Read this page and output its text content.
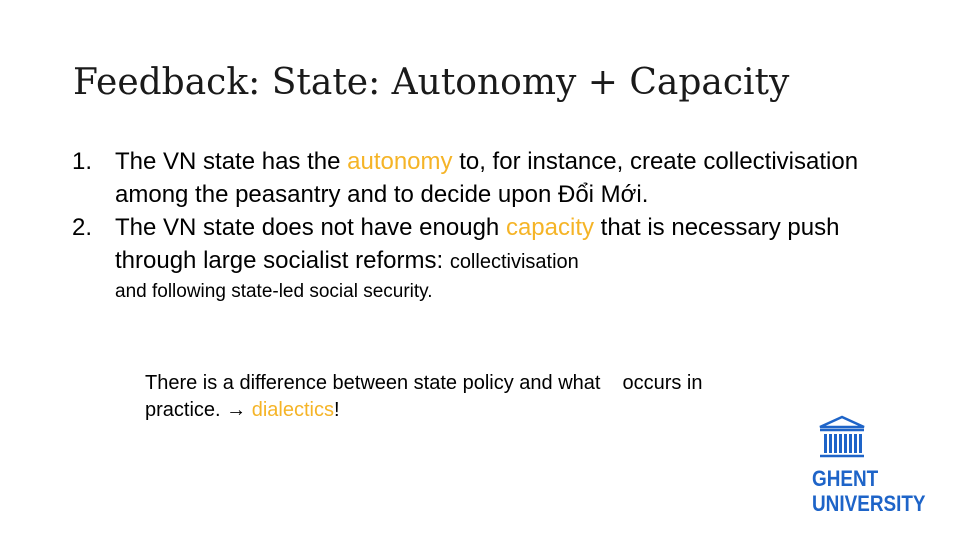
Feedback: State: Autonomy + Capacity
1. The VN state has the autonomy to, for instance, create collectivisation among the peasantry and to decide upon Đổi Mới.
2. The VN state does not have enough capacity that is necessary push through large socialist reforms: collectivisation
and following state-led social security.
There is a difference between state policy and what occurs in
practice. → dialectics!
GHENT
UNIVERSITY
